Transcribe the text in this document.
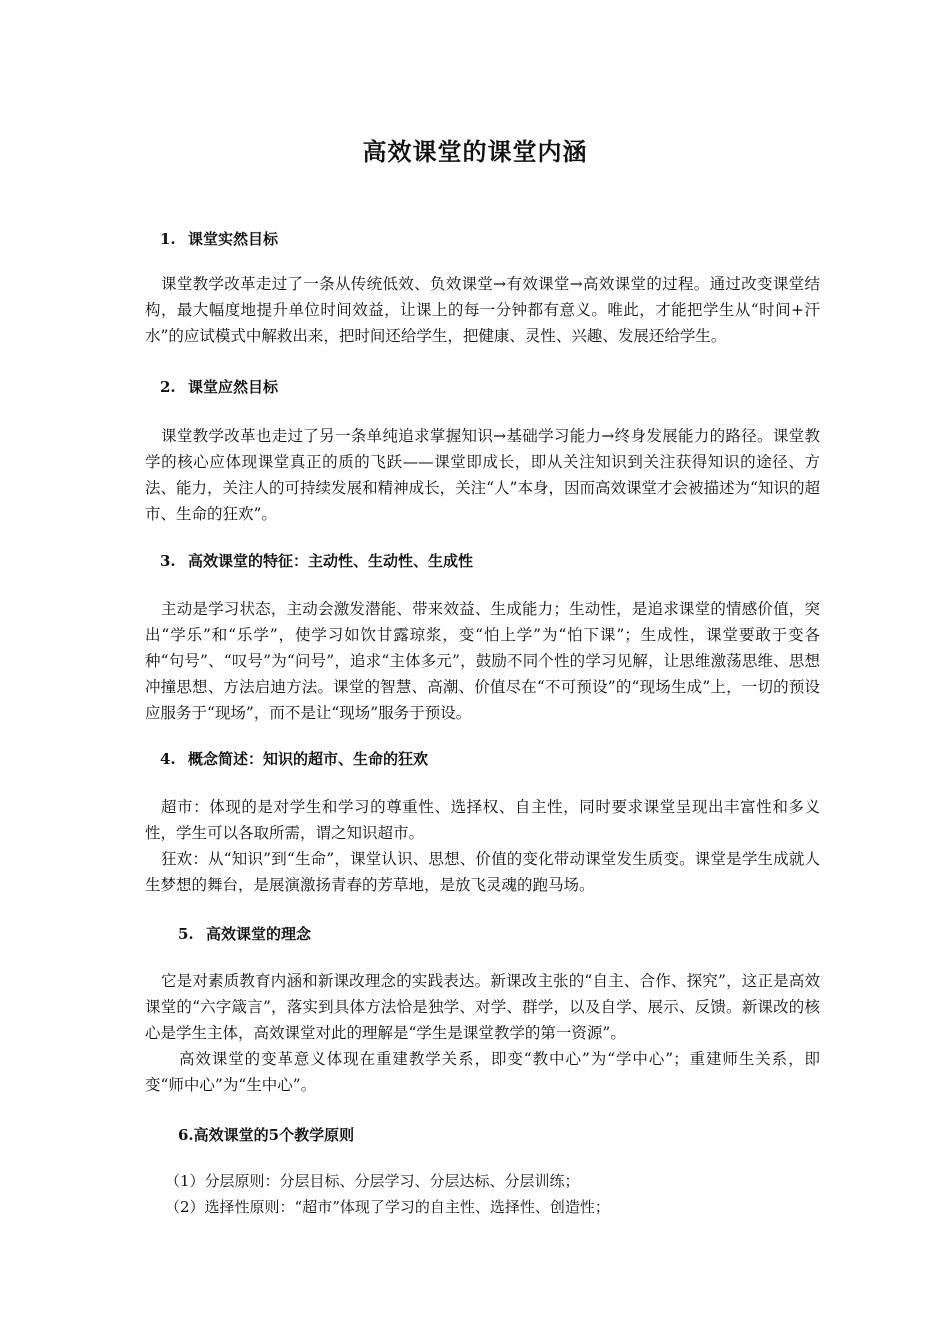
高效课堂的课堂内涵
1. 课堂实然目标

课堂教学改革走过了一条从传统低效、负效课堂→有效课堂→高效课堂的过程。通过改变课堂结构，最大幅度地提升单位时间效益，让课上的每一分钟都有意义。唯此，才能把学生从“时间+汗水”的应试模式中解救出来，把时间还给学生，把健康、灵性、兴趣、发展还给学生。

2. 课堂应然目标

课堂教学改革也走过了另一条单纯追求掌握知识→基础学习能力→终身发展能力的路径。课堂教学的核心应体现课堂真正的质的飞跃——课堂即成长，即从关注知识到关注获得知识的途径、方法、能力，关注人的可持续发展和精神成长，关注“人”本身，因而高效课堂才会被描述为“知识的超市、生命的狂欢”。

3. 高效课堂的特征：主动性、生动性、生成性

主动是学习状态，主动会激发潜能、带来效益、生成能力；生动性，是追求课堂的情感价值，突出“学乐”和“乐学”，使学习如饮甘露琼浆，变“怕上学”为“怕下课”；生成性，课堂要敢于变各种“句号”、“叹号”为“问号”，追求“主体多元”，鼓励不同个性的学习见解，让思维激荡思维、思想冲撞思想、方法启迪方法。课堂的智慧、高潮、价值尽在“不可预设”的“现场生成”上，一切的预设应服务于“现场”，而不是让“现场”服务于预设。

4. 概念简述：知识的超市、生命的狂欢

超市：体现的是对学生和学习的尊重性、选择权、自主性，同时要求课堂呈现出丰富性和多义性，学生可以各取所需，谓之知识超市。

狂欢：从“知识”到“生命”，课堂认识、思想、价值的变化带动课堂发生质变。课堂是学生成就人生梦想的舞台，是展演激扬青春的芳草地，是放飞灵魂的跑马场。

5. 高效课堂的理念

它是对素质教育内涵和新课改理念的实践表达。新课改主张的“自主、合作、探究”，这正是高效课堂的“六字箴言”，落实到具体方法恰是独学、对学、群学，以及自学、展示、反馈。新课改的核心是学生主体，高效课堂对此的理解是“学生是课堂教学的第一资源”。

高效课堂的变革意义体现在重建教学关系，即变“教中心”为“学中心”；重建师生关系，即变“师中心”为“生中心”。

6.高效课堂的5个教学原则
（1）分层原则：分层目标、分层学习、分层达标、分层训练；
（2）选择性原则：“超市”体现了学习的自主性、选择性、创造性；
